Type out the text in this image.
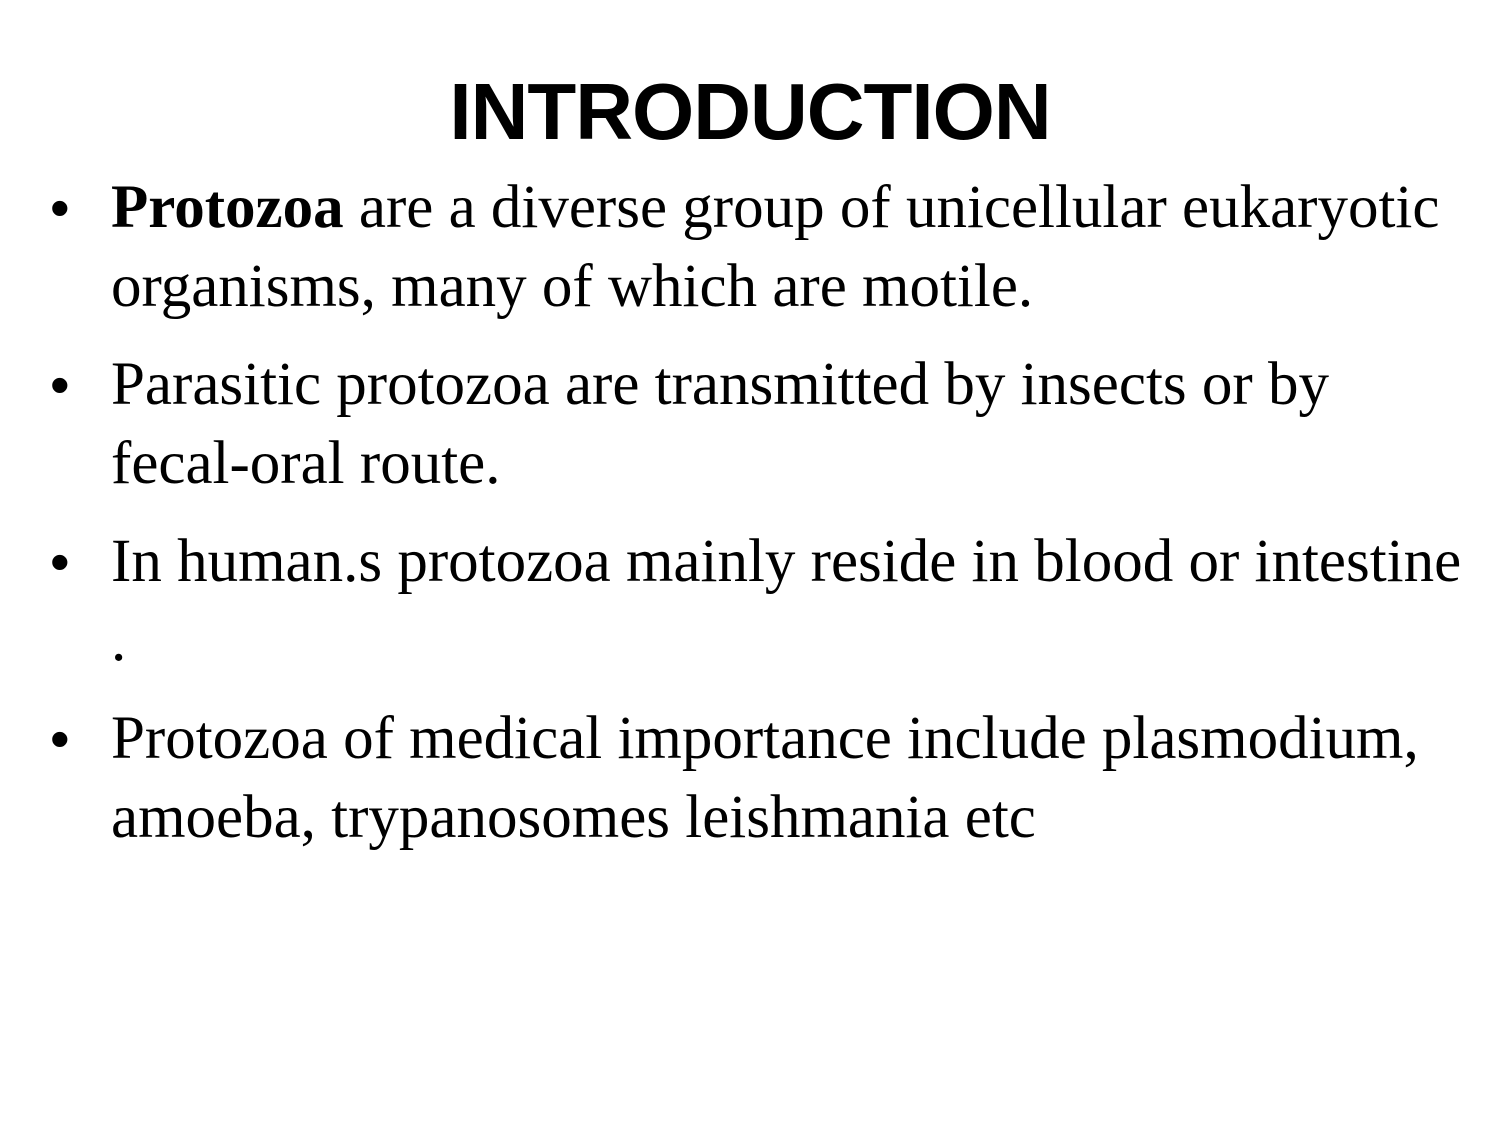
INTRODUCTION
• Protozoa are a diverse group of unicellular eukaryotic organisms, many of which are motile.
• Parasitic protozoa are transmitted by insects or by fecal-oral route.
• In human.s protozoa mainly reside in blood or intestine .
• Protozoa of medical importance include plasmodium, amoeba, trypanosomes leishmania etc
